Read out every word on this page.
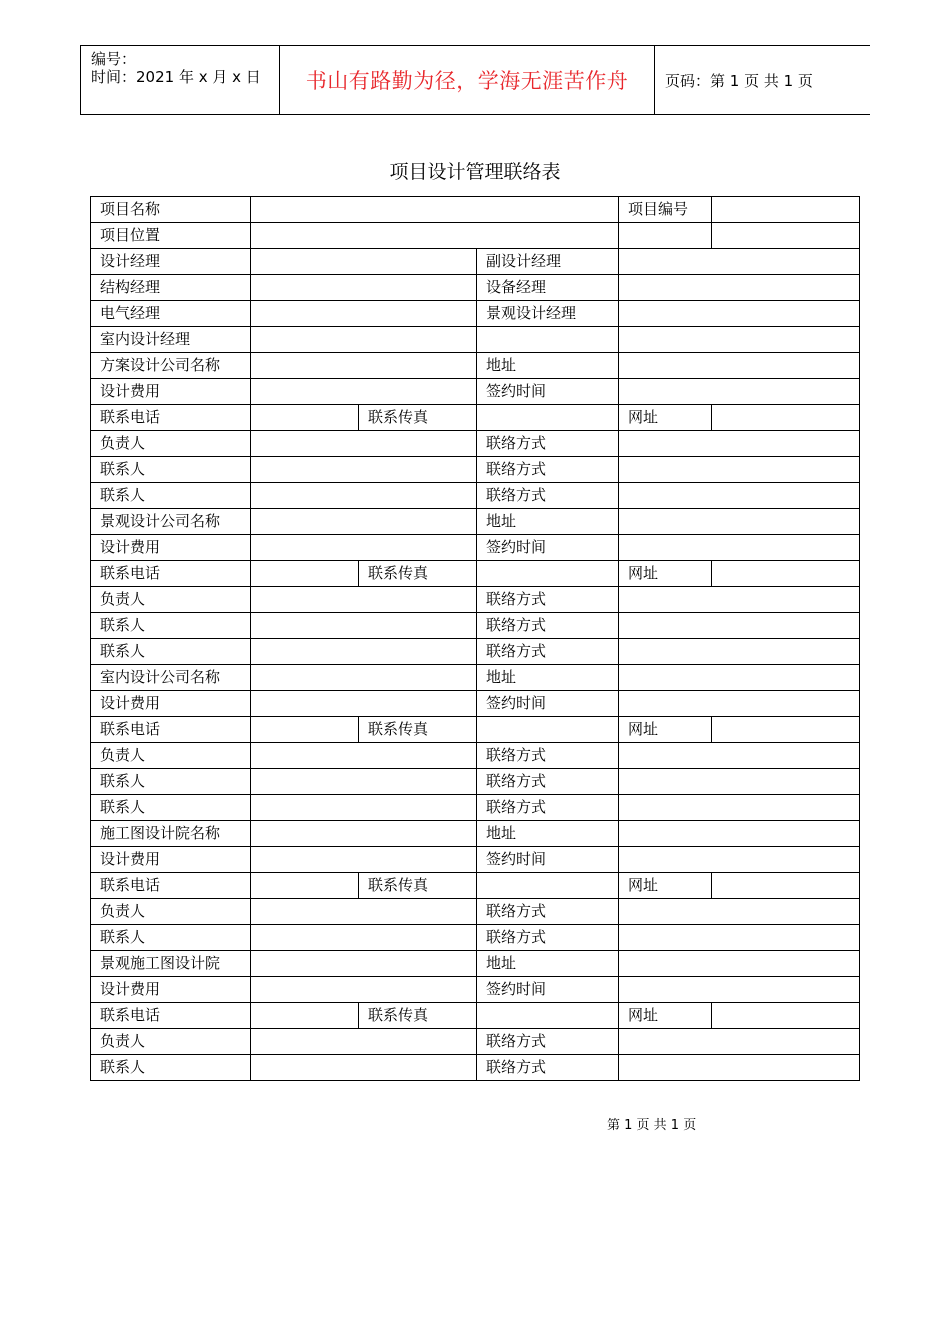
编号：
时间：2021 年 x 月 x 日 书山有路勤为径，学海无涯苦作舟	页码：第 1 页 共 1 页
项目设计管理联络表
项目名称				项目编号	
项目位置					
设计经理			副设计经理		
结构经理			设备经理		
电气经理			景观设计经理		
室内设计经理					
方案设计公司名称			地址		
设计费用			签约时间		
联系电话		联系传真		网址	
负责人			联络方式		
联系人			联络方式		
联系人			联络方式		
景观设计公司名称			地址		
设计费用			签约时间		
联系电话		联系传真		网址	
负责人			联络方式		
联系人			联络方式		
联系人			联络方式		
室内设计公司名称			地址		
设计费用			签约时间		
联系电话		联系传真		网址	
负责人			联络方式		
联系人			联络方式		
联系人			联络方式		
施工图设计院名称			地址		
设计费用			签约时间		
联系电话		联系传真		网址	
负责人			联络方式		
联系人			联络方式		
景观施工图设计院			地址		
设计费用			签约时间		
联系电话		联系传真		网址	
负责人			联络方式		
联系人			联络方式		
第 1 页 共 1 页
